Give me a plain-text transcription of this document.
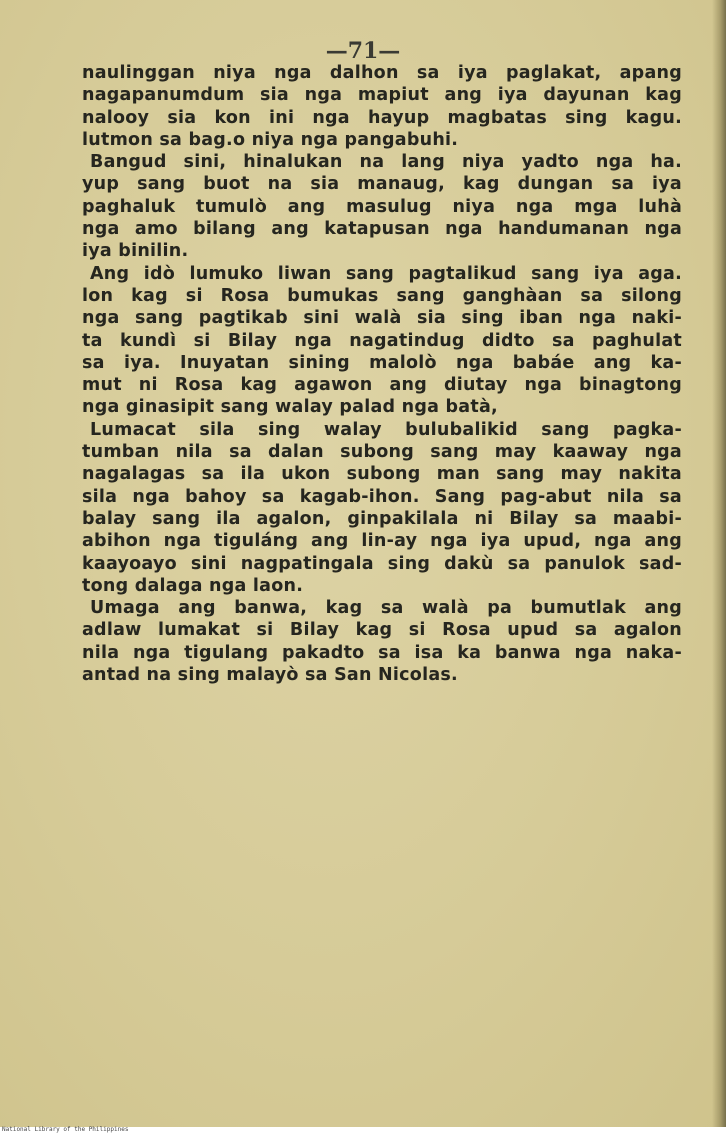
—71—
naulinggan niya nga dalhon sa iya paglakat, apang
nagapanumdum sia nga mapiut ang iya dayunan kag
nalooy sia kon ini nga hayup magbatas sing kagu.
lutmon sa bag.o niya nga pangabuhi.
Bangud sini, hinalukan na lang niya yadto nga ha.
yup sang buot na sia manaug, kag dungan sa iya
paghaluk tumulò ang masulug niya nga mga luhà
nga amo bilang ang katapusan nga handumanan nga
iya binilin.
Ang idò lumuko liwan sang pagtalikud sang iya aga.
lon kag si Rosa bumukas sang ganghàan sa silong
nga sang pagtikab sini walà sia sing iban nga naki-
ta kundì si Bilay nga nagatindug didto sa paghulat
sa iya. Inuyatan sining malolò nga babáe ang ka-
mut ni Rosa kag agawon ang diutay nga binagtong
nga ginasipit sang walay palad nga batà,
Lumacat sila sing walay bulubalikid sang pagka-
tumban nila sa dalan subong sang may kaaway nga
nagalagas sa ila ukon subong man sang may nakita
sila nga bahoy sa kagab-ihon. Sang pag-abut nila sa
balay sang ila agalon, ginpakilala ni Bilay sa maabi-
abihon nga tiguláng ang lin-ay nga iya upud, nga ang
kaayoayo sini nagpatingala sing dakù sa panulok sad-
tong dalaga nga laon.
Umaga ang banwa, kag sa walà pa bumutlak ang
adlaw lumakat si Bilay kag si Rosa upud sa agalon
nila nga tigulang pakadto sa isa ka banwa nga naka-
antad na sing malayò sa San Nicolas.
National Library of the Philippines
